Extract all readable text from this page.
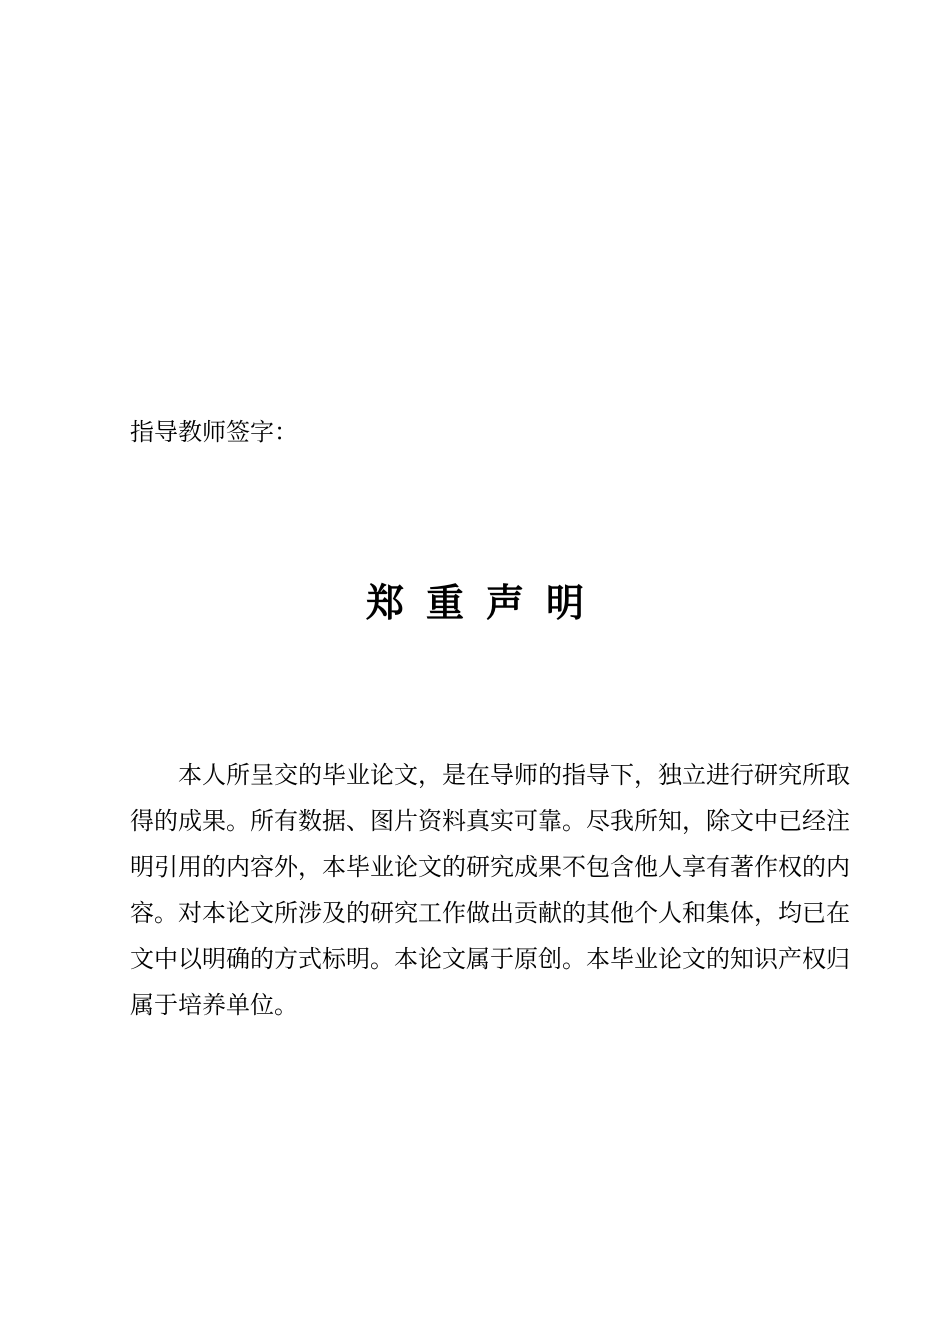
指导教师签字：
郑重声明

本人所呈交的毕业论文，是在导师的指导下，独立进行研究所取得的成果。所有数据、图片资料真实可靠。尽我所知，除文中已经注明引用的内容外，本毕业论文的研究成果不包含他人享有著作权的内容。对本论文所涉及的研究工作做出贡献的其他个人和集体，均已在文中以明确的方式标明。本论文属于原创。本毕业论文的知识产权归属于培养单位。
